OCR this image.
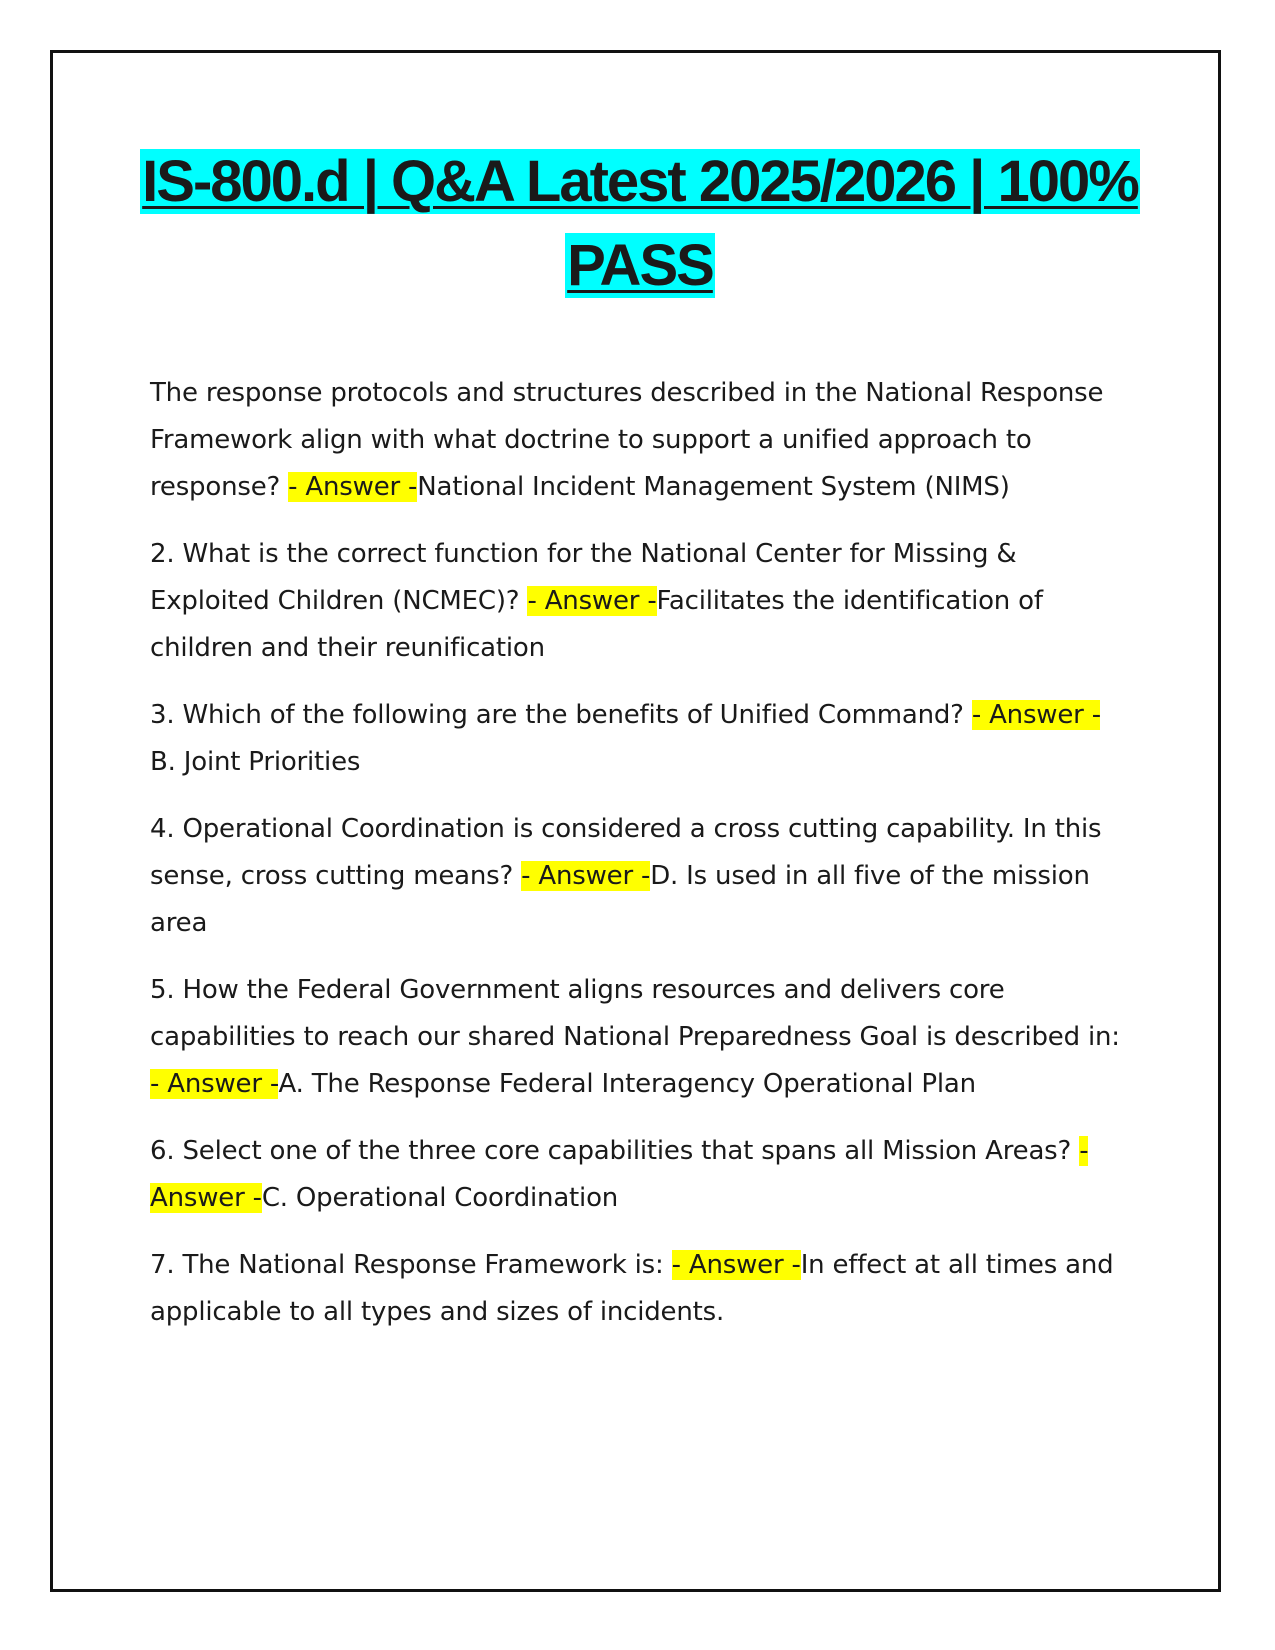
IS-800.d | Q&A Latest 2025/2026 | 100% PASS

The response protocols and structures described in the National Response Framework align with what doctrine to support a unified approach to response? - Answer -National Incident Management System (NIMS)

2. What is the correct function for the National Center for Missing & Exploited Children (NCMEC)? - Answer -Facilitates the identification of children and their reunification

3. Which of the following are the benefits of Unified Command? - Answer -B. Joint Priorities

4. Operational Coordination is considered a cross cutting capability. In this sense, cross cutting means? - Answer -D. Is used in all five of the mission area

5. How the Federal Government aligns resources and delivers core capabilities to reach our shared National Preparedness Goal is described in: - Answer -A. The Response Federal Interagency Operational Plan

6. Select one of the three core capabilities that spans all Mission Areas? - Answer -C. Operational Coordination

7. The National Response Framework is: - Answer -In effect at all times and applicable to all types and sizes of incidents.
